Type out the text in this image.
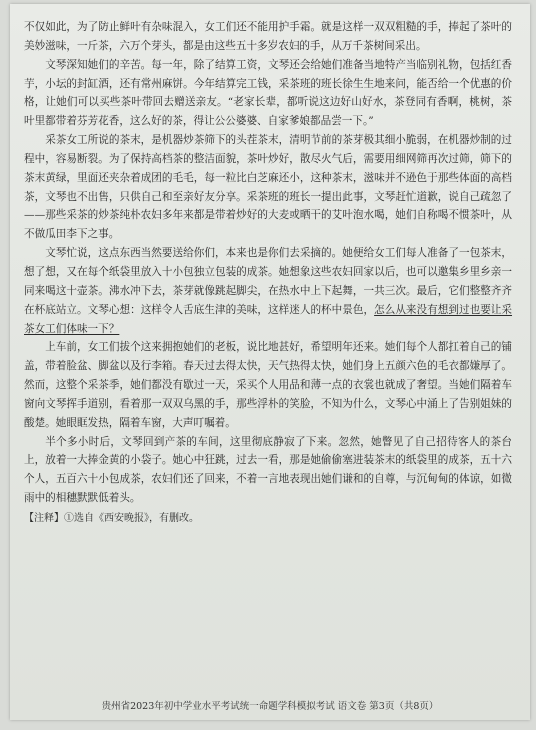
不仅如此，为了防止鲜叶有杂味混入，女工们还不能用护手霜。就是这样一双双粗糙的手，捧起了茶叶的美妙滋味，一斤茶，六万个芽头，都是由这些五十多岁农妇的手，从万千茶树间采出。

文琴深知她们的辛苦。每一年，除了结算工资，文琴还会给她们准备当地特产当临别礼物，包括红香芋，小坛的封缸酒，还有常州麻饼。今年结算完工钱，采茶班的班长徐生生地来问，能否给一个优惠的价格，让她们可以买些茶叶带回去赠送亲友。“老家长辈，都听说这边好山好水，茶登同有香啊，桃树，茶叶里都带着芬芳花香，这么好的茶，得让公公婆婆、自家爹娘都品尝一下。”

采茶女工所说的茶末，是机器炒茶筛下的头茬茶末，清明节前的茶芽极其细小脆弱，在机器炒制的过程中，容易断裂。为了保持高档茶的整洁面貌，茶叶炒好，散尽火气后，需要用细网筛再次过筛，筛下的茶末黄绿，里面还夹杂着成团的毛毛，每一粒比白芝麻还小，这种茶末，滋味并不逊色于那些体面的高档茶，文琴也不出售，只供自己和至亲好友分享。采茶班的班长一提出此事，文琴赶忙道歉，说自己疏忽了——那些采茶的炒茶纯朴农妇多年来都是带着炒好的大麦或晒干的艾叶泡水喝，她们自称喝不惯茶叶，从不做瓜田李下之事。

文琴忙说，这点东西当然要送给你们，本来也是你们去采摘的。她便给女工们每人准备了一包茶末，想了想，又在每个纸袋里放入十小包独立包装的成茶。她想象这些农妇回家以后，也可以邀集乡里乡亲一同来喝这十壶茶。沸水冲下去，茶芽就像跳起脚尖，在热水中上下起舞，一共三次。最后，它们整整齐齐在杯底站立。文琴心想：这样令人舌底生津的美味，这样迷人的杯中景色，怎么从来没有想到过也要让采茶女工们体味一下？

上车前，女工们拔个这来拥抱她们的老板，说比地甚好，希望明年还来。她们每个人都扛着自己的铺盖，带着脸盆、脚盆以及行李箱。春天过去得太快，天气热得太快，她们身上五颜六色的毛衣都嫌厚了。然而，这整个采茶季，她们都没有歇过一天，采买个人用品和薄一点的衣裳也就成了奢望。当她们隔着车窗向文琴挥手道别，看着那一双双乌黑的手，那些浮朴的笑脸，不知为什么，文琴心中涌上了告别姐妹的酸楚。她眼眶发热，隔着车窗，大声叮嘱着。

半个多小时后，文琴回到产茶的车间，这里彻底静寂了下来。忽然，她瞥见了自己招待客人的茶台上，放着一大捧金黄的小袋子。她心中狂跳，过去一看，那是她偷偷塞进装茶末的纸袋里的成茶，五十六个人，五百六十小包成茶，农妇们还了回来，不着一言地表现出她们谦和的自尊，与沉甸甸的体谅，如微雨中的相穗默默低着头。

【注释】①选自《西安晚报》，有删改。

贵州省2023年初中学业水平考试统一命题学科模拟考试 语文卷 第3页（共8页）
